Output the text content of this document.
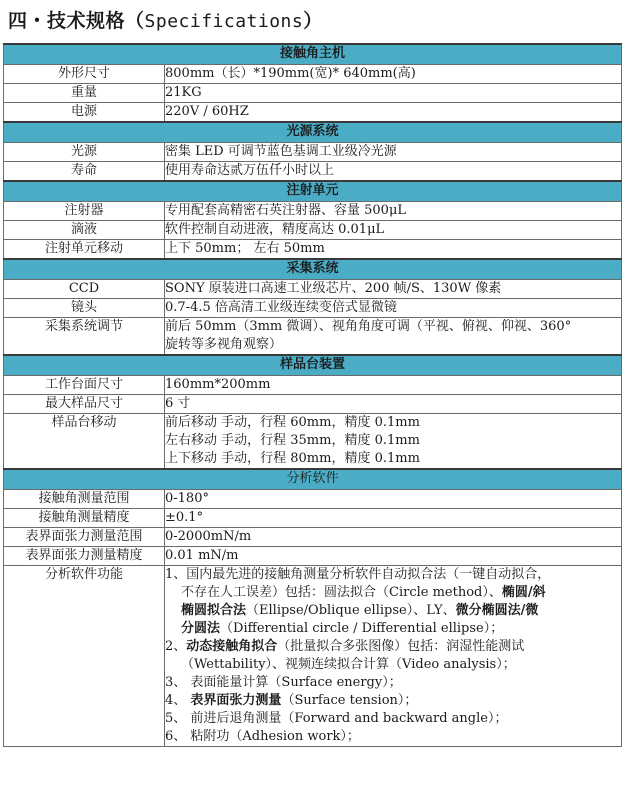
四・技术规格（Specifications）
接触角主机	
外形尺寸	800mm（长）*190mm(宽)* 640mm(高)
重量	21KG
电源	220V / 60HZ
光源系统	
光源	密集 LED 可调节蓝色基调工业级冷光源
寿命	使用寿命达贰万伍仟小时以上
注射单元	
注射器	专用配套高精密石英注射器、容量 500μL
滴液	软件控制自动进液，精度高达 0.01μL
注射单元移动	上下 50mm； 左右 50mm
采集系统	
CCD	SONY 原装进口高速工业级芯片、200 帧/S、130W 像素
镜头	0.7-4.5 倍高清工业级连续变倍式显微镜
采集系统调节	前后 50mm（3mm 微调）、视角角度可调（平视、俯视、仰视、360°
旋转等多视角观察）

样品台装置	
工作台面尺寸	160mm*200mm
最大样品尺寸	6 寸
样品台移动	前后移动 手动，行程 60mm，精度 0.1mm
左右移动 手动，行程 35mm，精度 0.1mm
上下移动 手动，行程 80mm，精度 0.1mm

分析软件	
接触角测量范围	0-180°
接触角测量精度	±0.1°
表界面张力测量范围	0-2000mN/m
表界面张力测量精度	0.01 mN/m
分析软件功能	1、国内最先进的接触角测量分析软件自动拟合法（一键自动拟合，
不存在人工误差）包括：圆法拟合（Circle method）、椭圆/斜
椭圆拟合法（Ellipse/Oblique ellipse）、LY、微分椭圆法/微
分圆法（Differential circle / Differential ellipse）；
2、动态接触角拟合（批量拟合多张图像）包括：润湿性能测试
（Wettability）、视频连续拟合计算（Video analysis）；
3、 表面能量计算（Surface energy）；
4、 表界面张力测量（Surface tension）；
5、 前进后退角测量（Forward and backward angle）；
6、 粘附功（Adhesion work）；
